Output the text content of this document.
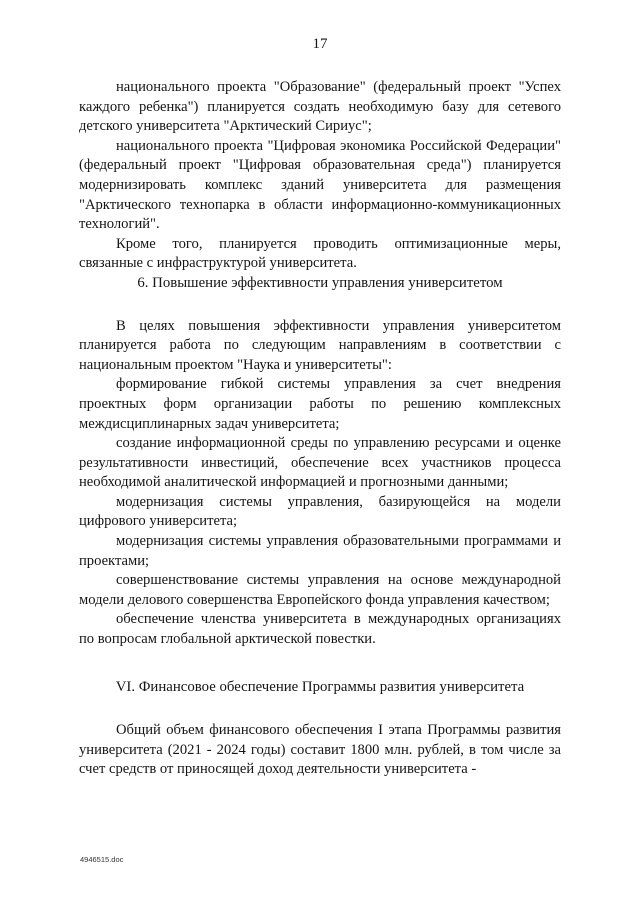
17

национального проекта "Образование" (федеральный проект "Успех каждого ребенка") планируется создать необходимую базу для сетевого детского университета "Арктический Сириус";

национального проекта "Цифровая экономика Российской Федерации" (федеральный проект "Цифровая образовательная среда") планируется модернизировать комплекс зданий университета для размещения "Арктического технопарка в области информационно-коммуникационных технологий".

Кроме того, планируется проводить оптимизационные меры, связанные с инфраструктурой университета.

6. Повышение эффективности управления университетом

В целях повышения эффективности управления университетом планируется работа по следующим направлениям в соответствии с национальным проектом "Наука и университеты":

формирование гибкой системы управления за счет внедрения проектных форм организации работы по решению комплексных междисциплинарных задач университета;

создание информационной среды по управлению ресурсами и оценке результативности инвестиций, обеспечение всех участников процесса необходимой аналитической информацией и прогнозными данными;

модернизация системы управления, базирующейся на модели цифрового университета;

модернизация системы управления образовательными программами и проектами;

совершенствование системы управления на основе международной модели делового совершенства Европейского фонда управления качеством;

обеспечение членства университета в международных организациях по вопросам глобальной арктической повестки.

VI. Финансовое обеспечение Программы развития университета

Общий объем финансового обеспечения I этапа Программы развития университета (2021 - 2024 годы) составит 1800 млн. рублей, в том числе за счет средств от приносящей доход деятельности университета -

4946515.doc
